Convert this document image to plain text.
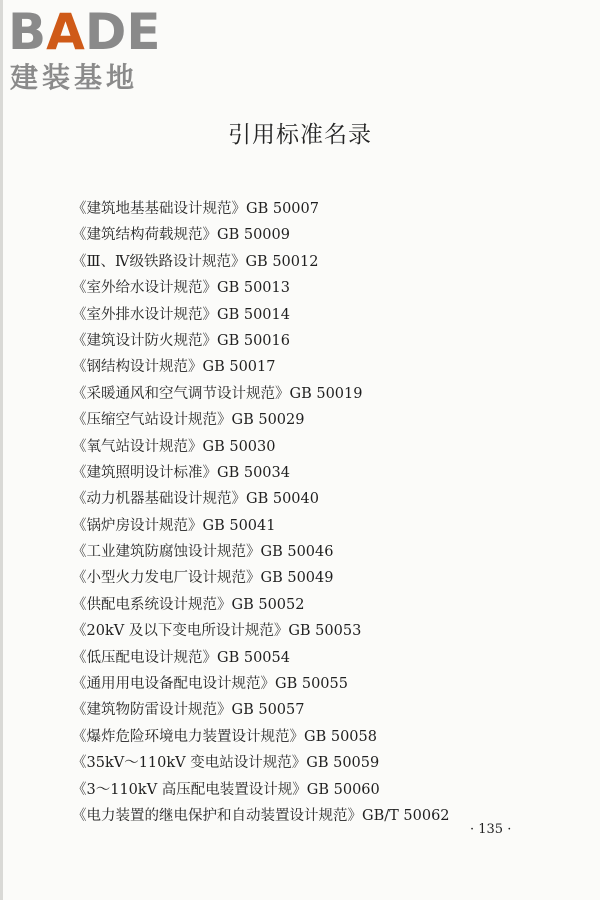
BADE
建装基地
引用标准名录
《建筑地基基础设计规范》GB 50007
《建筑结构荷载规范》GB 50009
《Ⅲ、Ⅳ级铁路设计规范》GB 50012
《室外给水设计规范》GB 50013
《室外排水设计规范》GB 50014
《建筑设计防火规范》GB 50016
《钢结构设计规范》GB 50017
《采暖通风和空气调节设计规范》GB 50019
《压缩空气站设计规范》GB 50029
《氧气站设计规范》GB 50030
《建筑照明设计标准》GB 50034
《动力机器基础设计规范》GB 50040
《锅炉房设计规范》GB 50041
《工业建筑防腐蚀设计规范》GB 50046
《小型火力发电厂设计规范》GB 50049
《供配电系统设计规范》GB 50052
《20kV 及以下变电所设计规范》GB 50053
《低压配电设计规范》GB 50054
《通用用电设备配电设计规范》GB 50055
《建筑物防雷设计规范》GB 50057
《爆炸危险环境电力装置设计规范》GB 50058
《35kV～110kV 变电站设计规范》GB 50059
《3～110kV 高压配电装置设计规》GB 50060
《电力装置的继电保护和自动装置设计规范》GB/T 50062
· 135 ·
